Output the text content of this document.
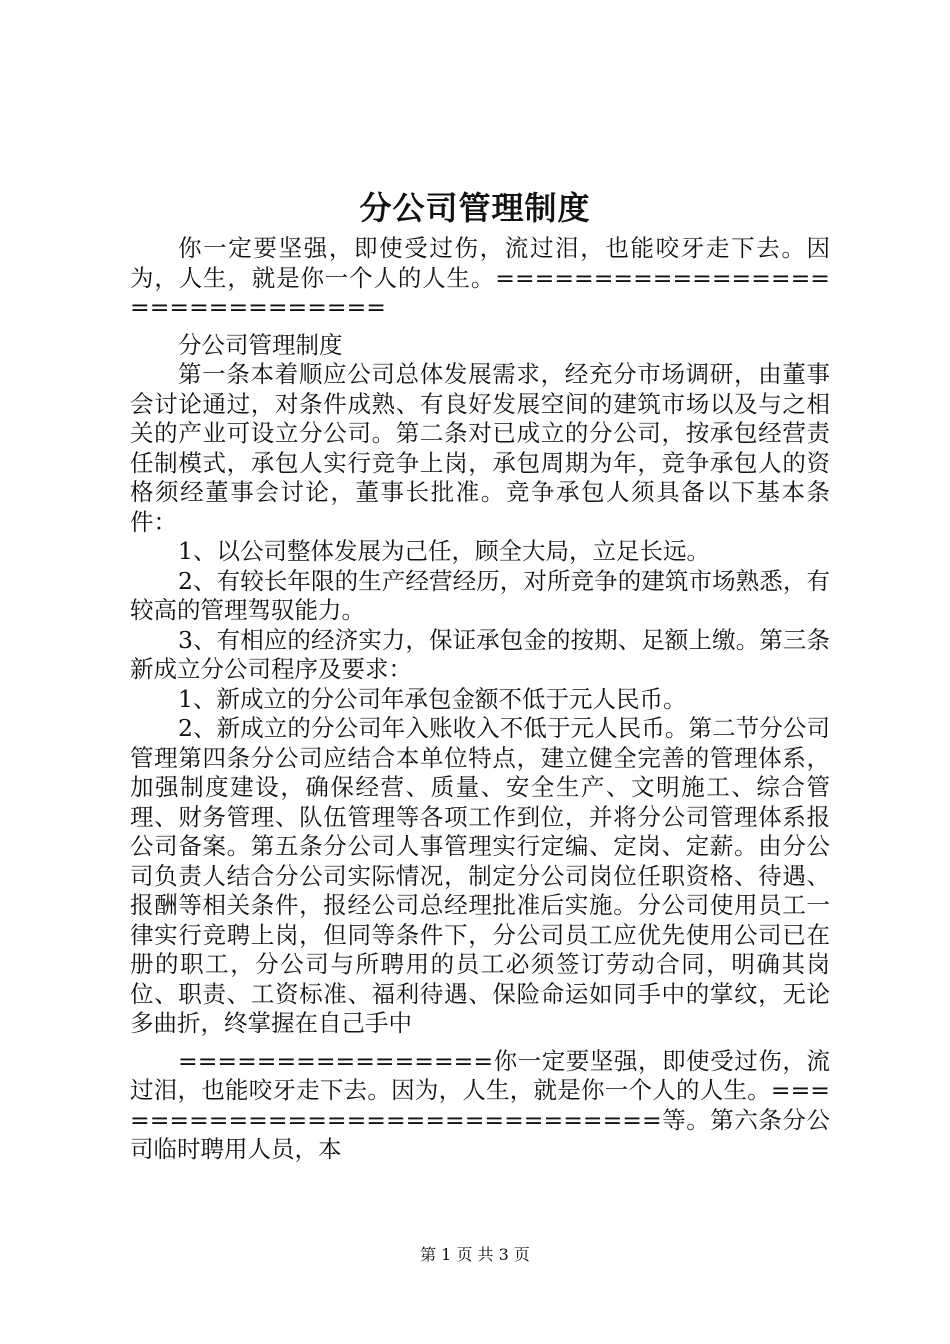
分公司管理制度

你一定要坚强，即使受过伤，流过泪，也能咬牙走下去。因为，人生，就是你一个人的人生。==============================

分公司管理制度

第一条本着顺应公司总体发展需求，经充分市场调研，由董事会讨论通过，对条件成熟、有良好发展空间的建筑市场以及与之相关的产业可设立分公司。第二条对已成立的分公司，按承包经营责任制模式，承包人实行竞争上岗，承包周期为年，竞争承包人的资格须经董事会讨论，董事长批准。竞争承包人须具备以下基本条件：

1、以公司整体发展为己任，顾全大局，立足长远。

2、有较长年限的生产经营经历，对所竞争的建筑市场熟悉，有较高的管理驾驭能力。

3、有相应的经济实力，保证承包金的按期、足额上缴。第三条新成立分公司程序及要求：

1、新成立的分公司年承包金额不低于元人民币。

2、新成立的分公司年入账收入不低于元人民币。第二节分公司管理第四条分公司应结合本单位特点，建立健全完善的管理体系，加强制度建设，确保经营、质量、安全生产、文明施工、综合管理、财务管理、队伍管理等各项工作到位，并将分公司管理体系报公司备案。第五条分公司人事管理实行定编、定岗、定薪。由分公司负责人结合分公司实际情况，制定分公司岗位任职资格、待遇、报酬等相关条件，报经公司总经理批准后实施。分公司使用员工一律实行竞聘上岗，但同等条件下，分公司员工应优先使用公司已在册的职工，分公司与所聘用的员工必须签订劳动合同，明确其岗位、职责、工资标准、福利待遇、保险命运如同手中的掌纹，无论多曲折，终掌握在自己手中

================你一定要坚强，即使受过伤，流过泪，也能咬牙走下去。因为，人生，就是你一个人的人生。==============================等。第六条分公司临时聘用人员，本

第 1 页 共 3 页
